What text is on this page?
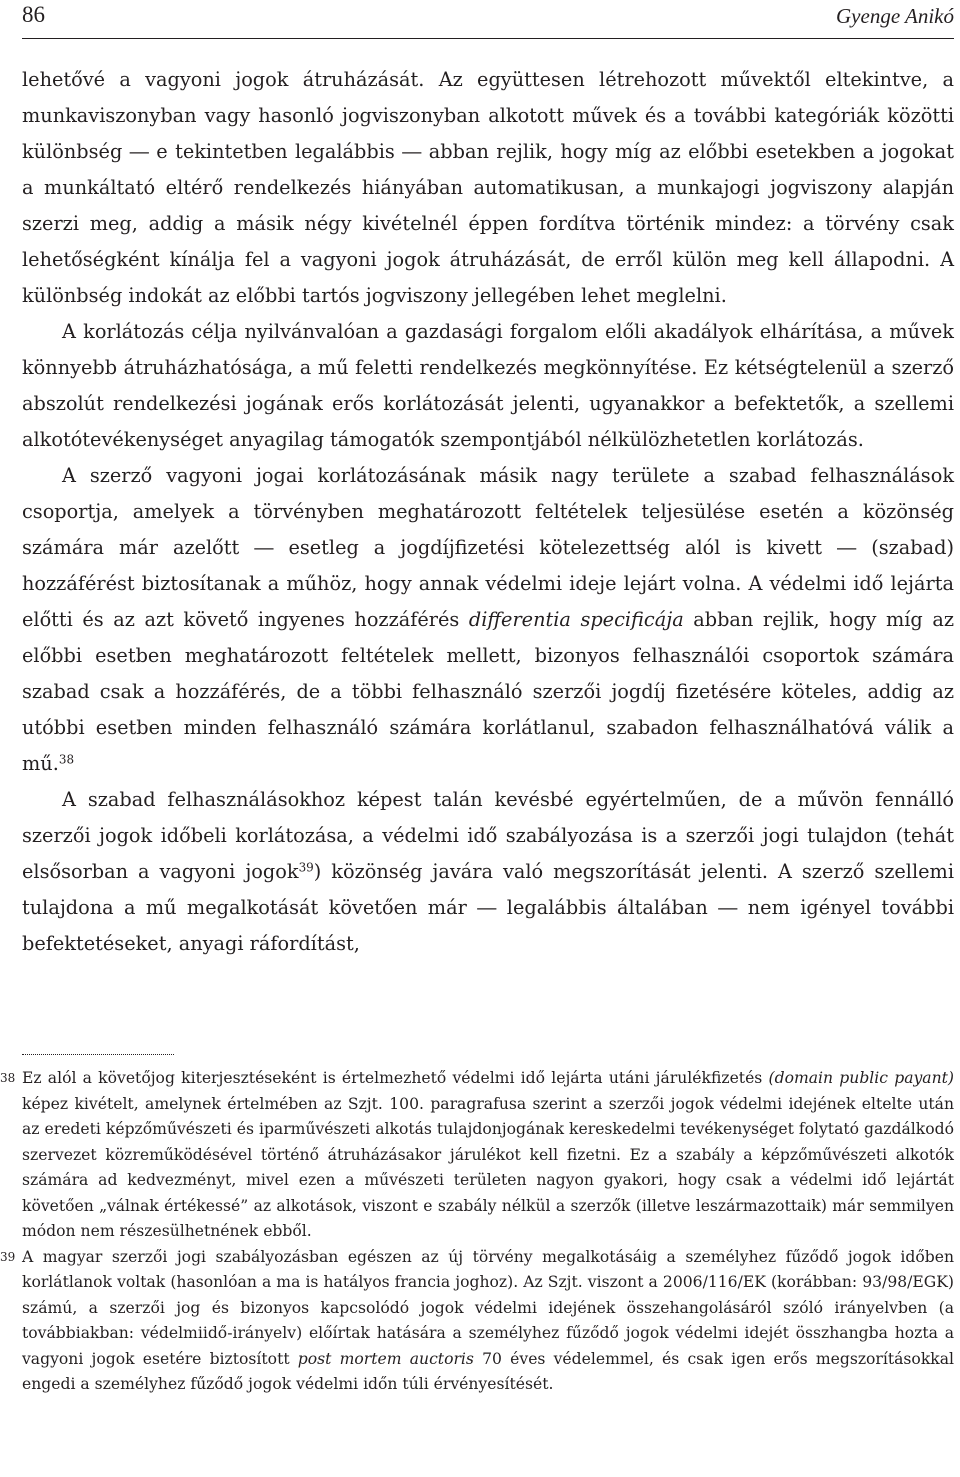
86	Gyenge Anikó

lehetővé a vagyoni jogok átruházását. Az együttesen létrehozott művektől eltekintve, a munkaviszonyban vagy hasonló jogviszonyban alkotott művek és a további kategóriák közötti különbség ― e tekintetben legalábbis ― abban rejlik, hogy míg az előbbi esetekben a jogokat a munkáltató eltérő rendelkezés hiányában automatikusan, a munkajogi jogviszony alapján szerzi meg, addig a másik négy kivételnél éppen fordítva történik mindez: a törvény csak lehetőségként kínálja fel a vagyoni jogok átruházását, de erről külön meg kell állapodni. A különbség indokát az előbbi tartós jogviszony jellegében lehet meglelni.

A korlátozás célja nyilvánvalóan a gazdasági forgalom előli akadályok elhárítása, a művek könnyebb átruházhatósága, a mű feletti rendelkezés megkönnyítése. Ez kétségtelenül a szerző abszolút rendelkezési jogának erős korlátozását jelenti, ugyanakkor a befektetők, a szellemi alkotótevékenységet anyagilag támogatók szempontjából nélkülözhetetlen korlátozás.

A szerző vagyoni jogai korlátozásának másik nagy területe a szabad felhasználások csoportja, amelyek a törvényben meghatározott feltételek teljesülése esetén a közönség számára már azelőtt ― esetleg a jogdíjfizetési kötelezettség alól is kivett ― (szabad) hozzáférést biztosítanak a műhöz, hogy annak védelmi ideje lejárt volna. A védelmi idő lejárta előtti és az azt követő ingyenes hozzáférés differentia specificája abban rejlik, hogy míg az előbbi esetben meghatározott feltételek mellett, bizonyos felhasználói csoportok számára szabad csak a hozzáférés, de a többi felhasználó szerzői jogdíj fizetésére köteles, addig az utóbbi esetben minden felhasználó számára korlátlanul, szabadon felhasználhatóvá válik a mű.$^{38}$

A szabad felhasználásokhoz képest talán kevésbé egyértelműen, de a művön fennálló szerzői jogok időbeli korlátozása, a védelmi idő szabályozása is a szerzői jogi tulajdon (tehát elsősorban a vagyoni jogok$^{39}$) közönség javára való megszorítását jelenti. A szerző szellemi tulajdona a mű megalkotását követően már ― legalábbis általában ― nem igényel további befektetéseket, anyagi ráfordítást,

38 Ez alól a követőjog kiterjesztéseként is értelmezhető védelmi idő lejárta utáni járulékfizetés (domain public payant) képez kivételt, amelynek értelmében az Szjt. 100. paragrafusa szerint a szerzői jogok védelmi idejének eltelte után az eredeti képzőművészeti és iparművészeti alkotás tulajdonjogának kereskedelmi tevékenységet folytató gazdálkodó szervezet közreműködésével történő átruházásakor járulékot kell fizetni. Ez a szabály a képzőművészeti alkotók számára ad kedvezményt, mivel ezen a művészeti területen nagyon gyakori, hogy csak a védelmi idő lejártát követően „válnak értékessé” az alkotások, viszont e szabály nélkül a szerzők (illetve leszármazottaik) már semmilyen módon nem részesülhetnének ebből.
39 A magyar szerzői jogi szabályozásban egészen az új törvény megalkotásáig a személyhez fűződő jogok időben korlátlanok voltak (hasonlóan a ma is hatályos francia joghoz). Az Szjt. viszont a 2006/116/EK (korábban: 93/98/EGK) számú, a szerzői jog és bizonyos kapcsolódó jogok védelmi idejének összehangolásáról szóló irányelvben (a továbbiakban: védelmiidő-irányelv) előírtak hatására a személyhez fűződő jogok védelmi idejét összhangba hozta a vagyoni jogok esetére biztosított post mortem auctoris 70 éves védelemmel, és csak igen erős megszorításokkal engedi a személyhez fűződő jogok védelmi időn túli érvényesítését.
